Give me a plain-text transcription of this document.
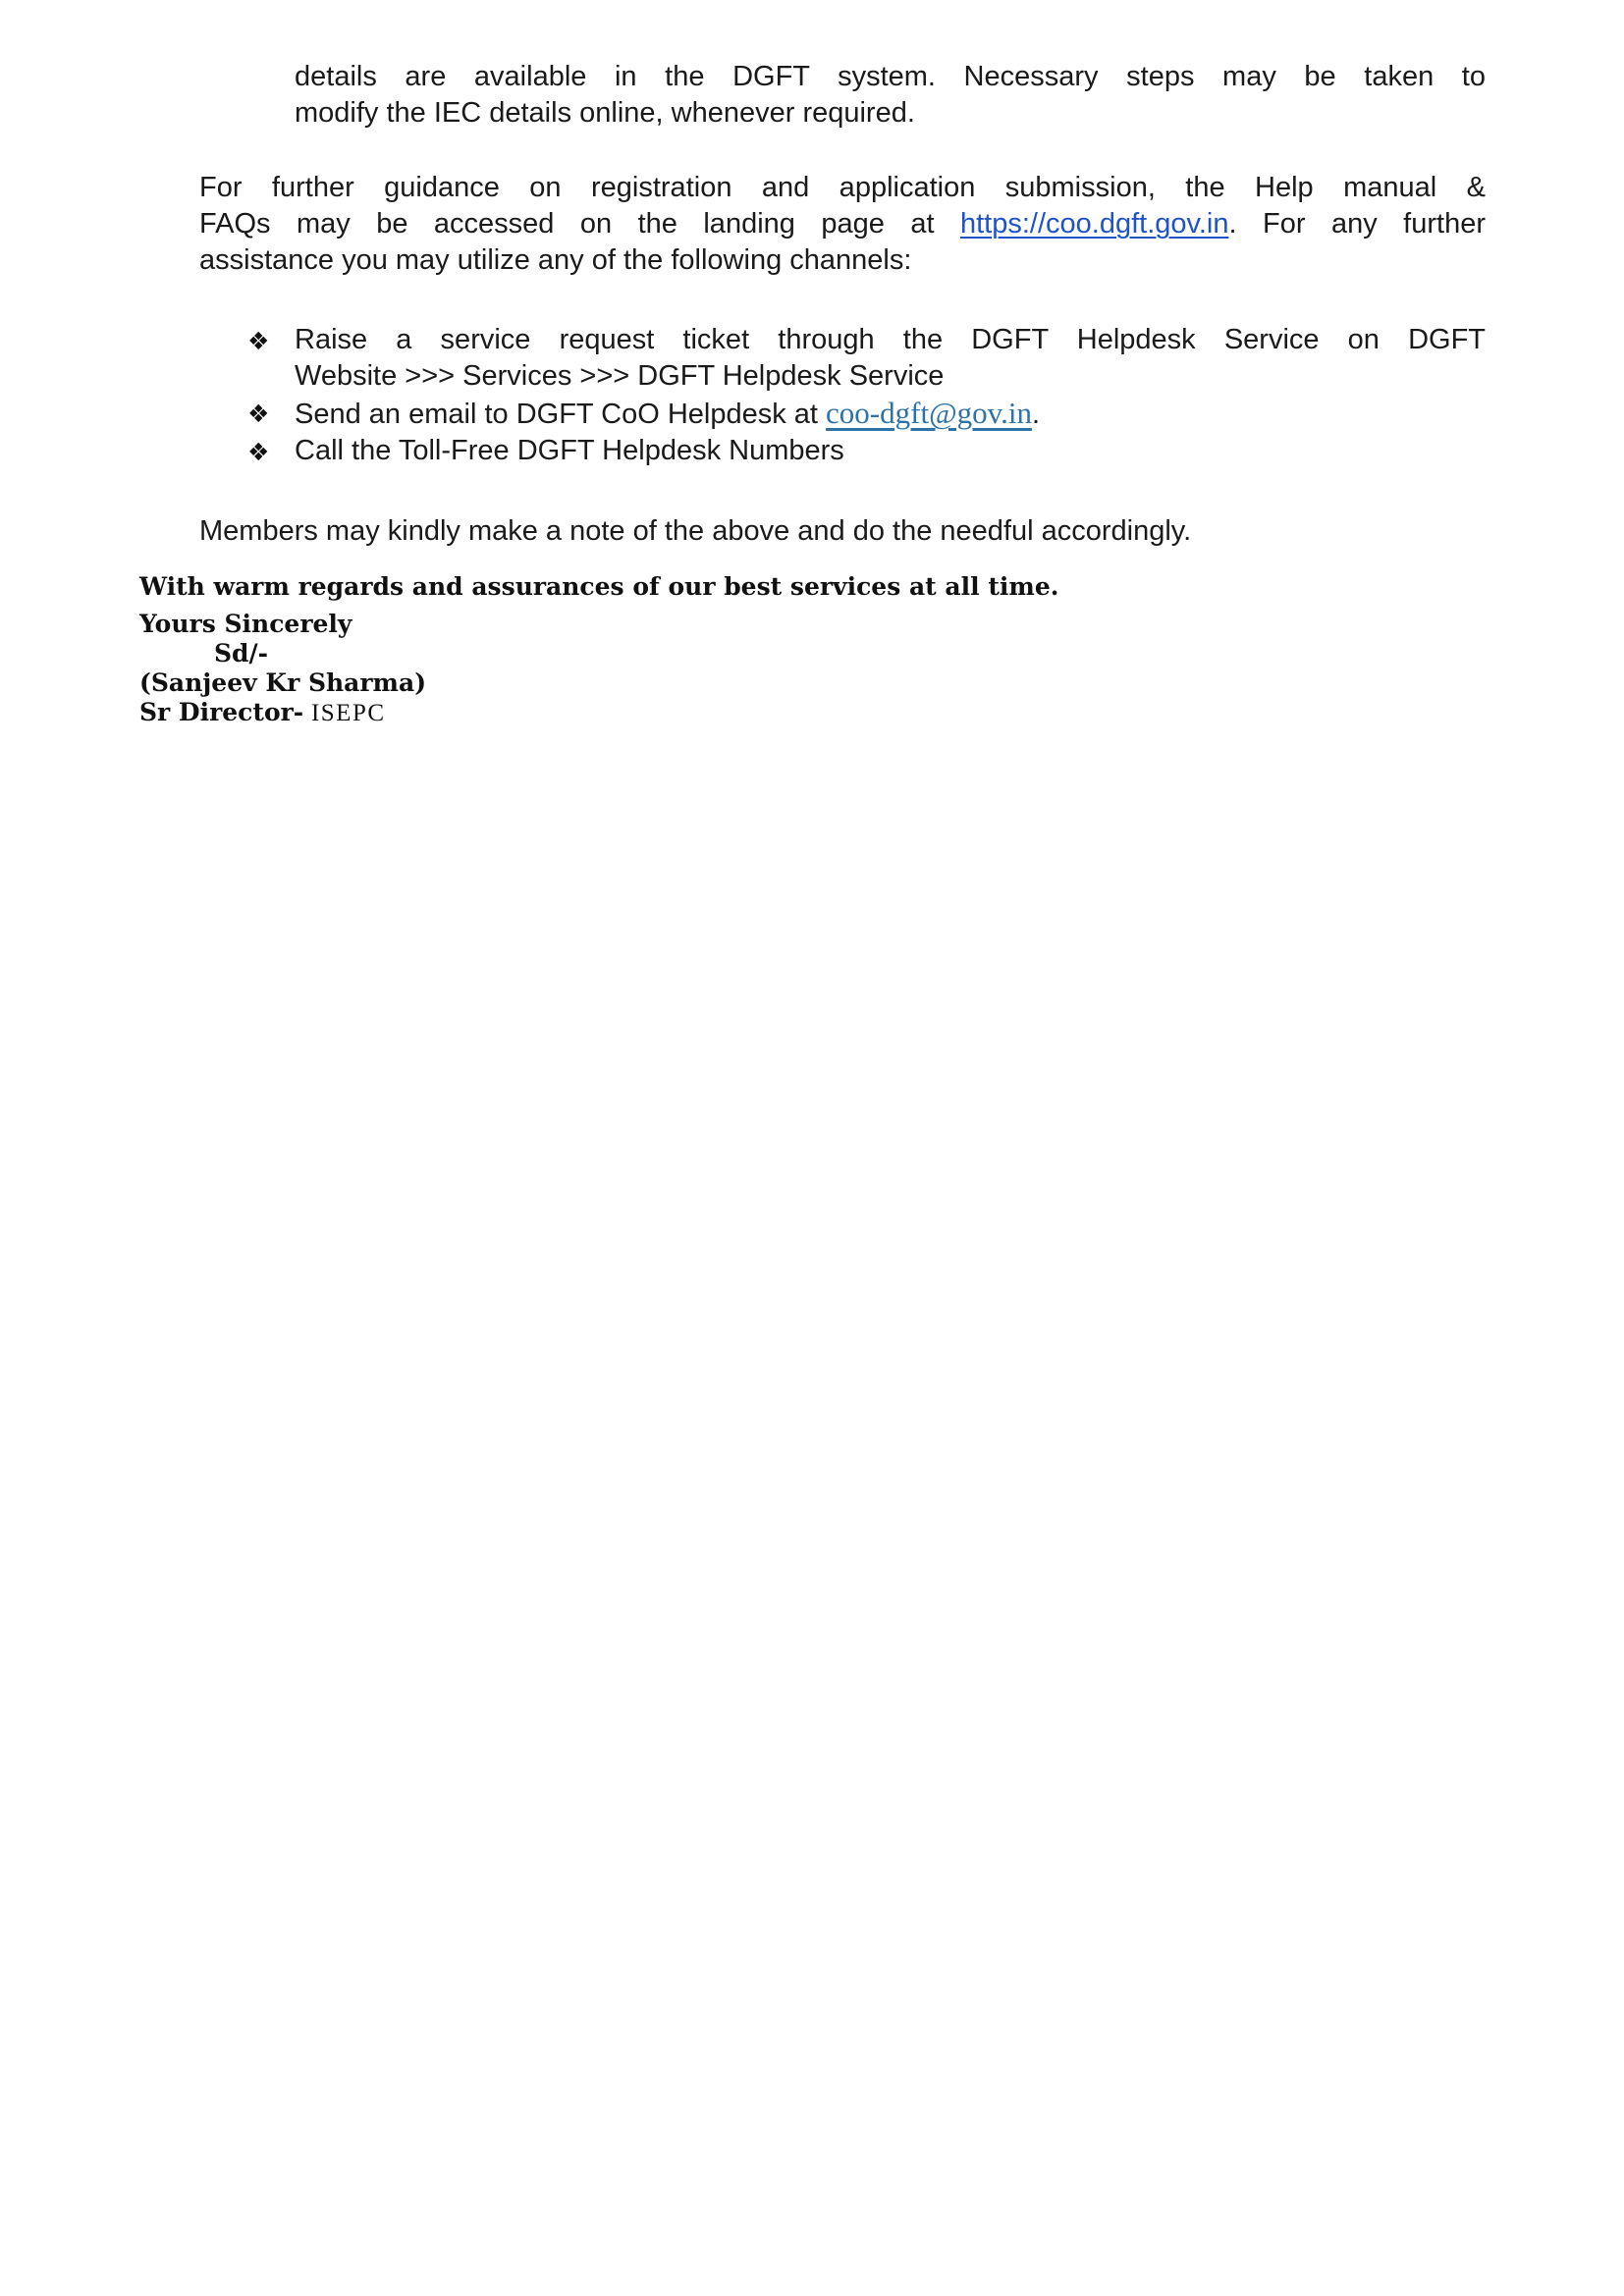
details are available in the DGFT system. Necessary steps may be taken to
modify the IEC details online, whenever required.
For further guidance on registration and application submission, the Help manual &
FAQs may be accessed on the landing page at https://coo.dgft.gov.in. For any further
assistance you may utilize any of the following channels:
❖ Raise a service request ticket through the DGFT Helpdesk Service on DGFT
Website >>> Services >>> DGFT Helpdesk Service
❖ Send an email to DGFT CoO Helpdesk at coo-dgft@gov.in.
❖ Call the Toll-Free DGFT Helpdesk Numbers
Members may kindly make a note of the above and do the needful accordingly.
With warm regards and assurances of our best services at all time.
Yours Sincerely
Sd/-
(Sanjeev Kr Sharma)
Sr Director- ISEPC
